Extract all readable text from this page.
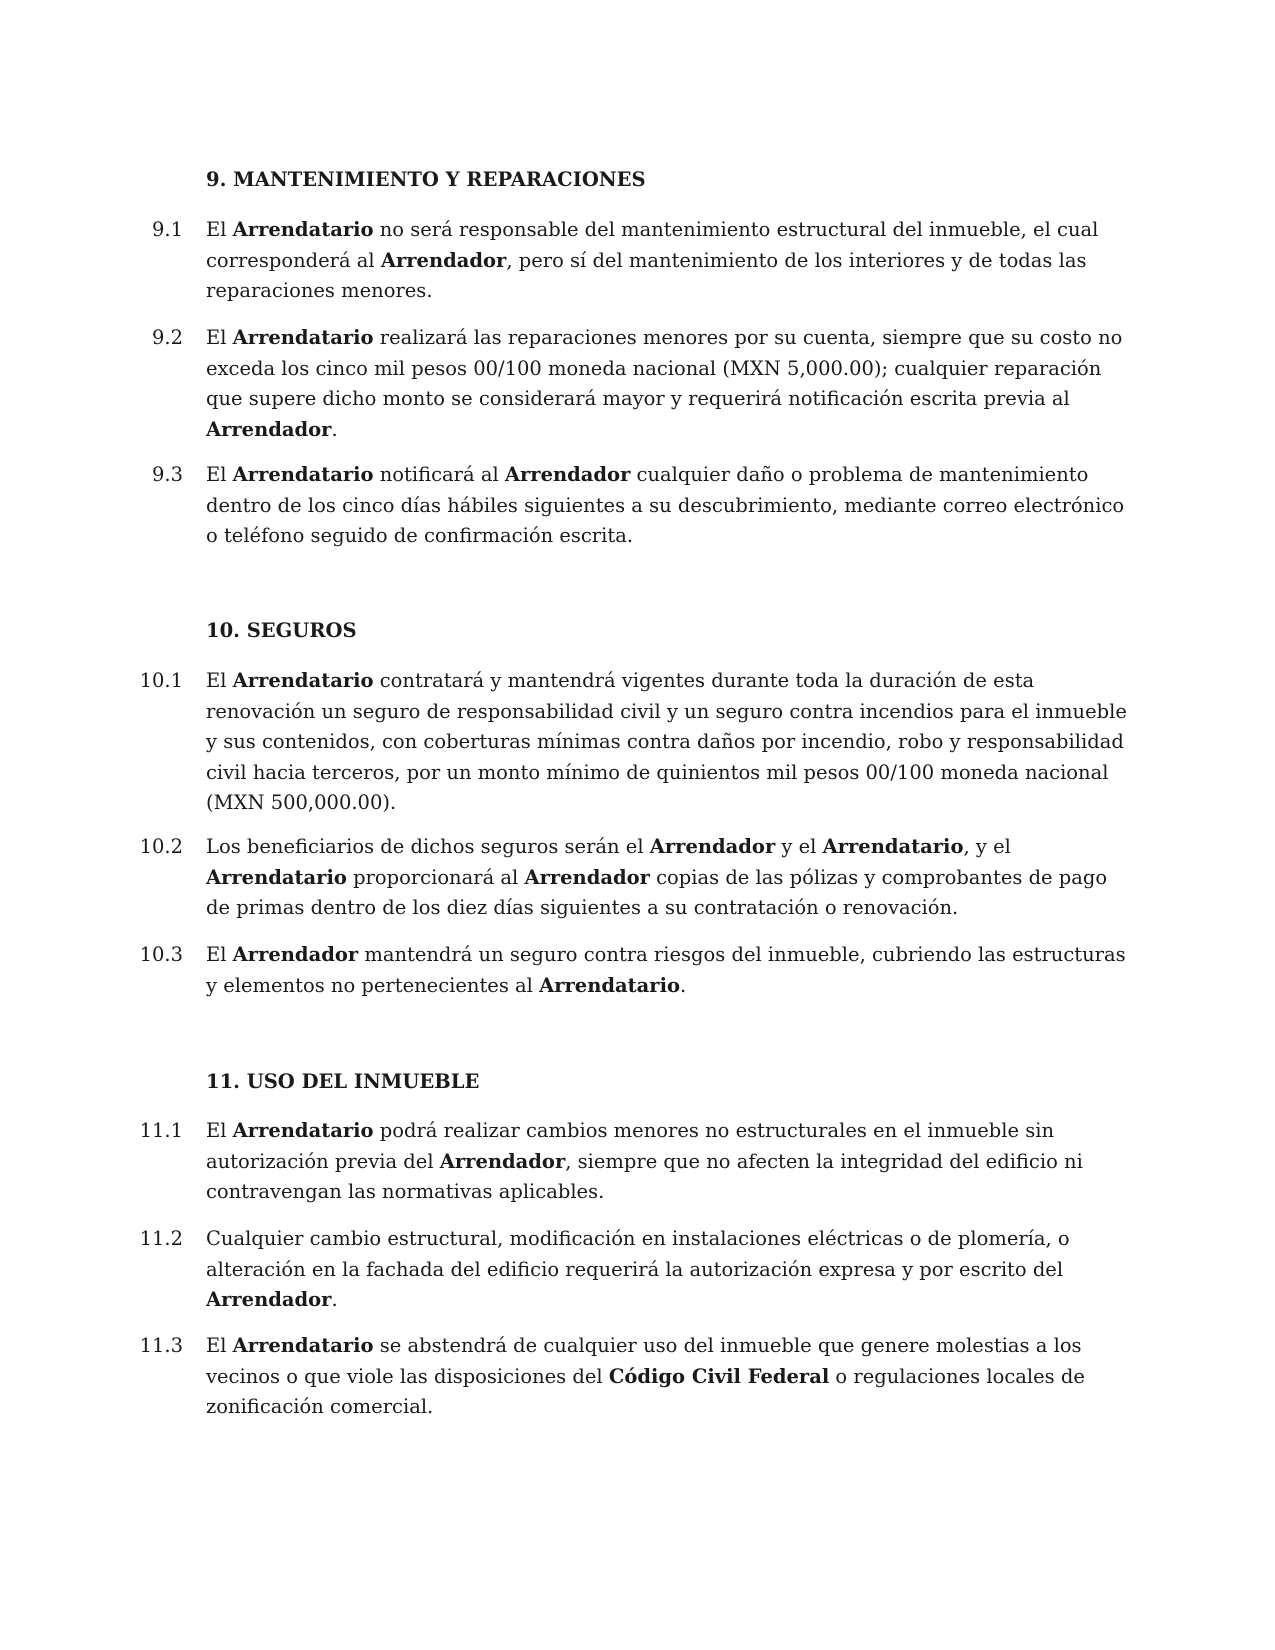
9. MANTENIMIENTO Y REPARACIONES
9.1 El Arrendatario no será responsable del mantenimiento estructural del inmueble, el cual corresponderá al Arrendador, pero sí del mantenimiento de los interiores y de todas las reparaciones menores.
9.2 El Arrendatario realizará las reparaciones menores por su cuenta, siempre que su costo no exceda los cinco mil pesos 00/100 moneda nacional (MXN 5,000.00); cualquier reparación que supere dicho monto se considerará mayor y requerirá notificación escrita previa al Arrendador.
9.3 El Arrendatario notificará al Arrendador cualquier daño o problema de mantenimiento dentro de los cinco días hábiles siguientes a su descubrimiento, mediante correo electrónico o teléfono seguido de confirmación escrita.
10. SEGUROS
10.1 El Arrendatario contratará y mantendrá vigentes durante toda la duración de esta renovación un seguro de responsabilidad civil y un seguro contra incendios para el inmueble y sus contenidos, con coberturas mínimas contra daños por incendio, robo y responsabilidad civil hacia terceros, por un monto mínimo de quinientos mil pesos 00/100 moneda nacional (MXN 500,000.00).
10.2 Los beneficiarios de dichos seguros serán el Arrendador y el Arrendatario, y el Arrendatario proporcionará al Arrendador copias de las pólizas y comprobantes de pago de primas dentro de los diez días siguientes a su contratación o renovación.
10.3 El Arrendador mantendrá un seguro contra riesgos del inmueble, cubriendo las estructuras y elementos no pertenecientes al Arrendatario.
11. USO DEL INMUEBLE
11.1 El Arrendatario podrá realizar cambios menores no estructurales en el inmueble sin autorización previa del Arrendador, siempre que no afecten la integridad del edificio ni contravengan las normativas aplicables.
11.2 Cualquier cambio estructural, modificación en instalaciones eléctricas o de plomería, o alteración en la fachada del edificio requerirá la autorización expresa y por escrito del Arrendador.
11.3 El Arrendatario se abstendrá de cualquier uso del inmueble que genere molestias a los vecinos o que viole las disposiciones del Código Civil Federal o regulaciones locales de zonificación comercial.
